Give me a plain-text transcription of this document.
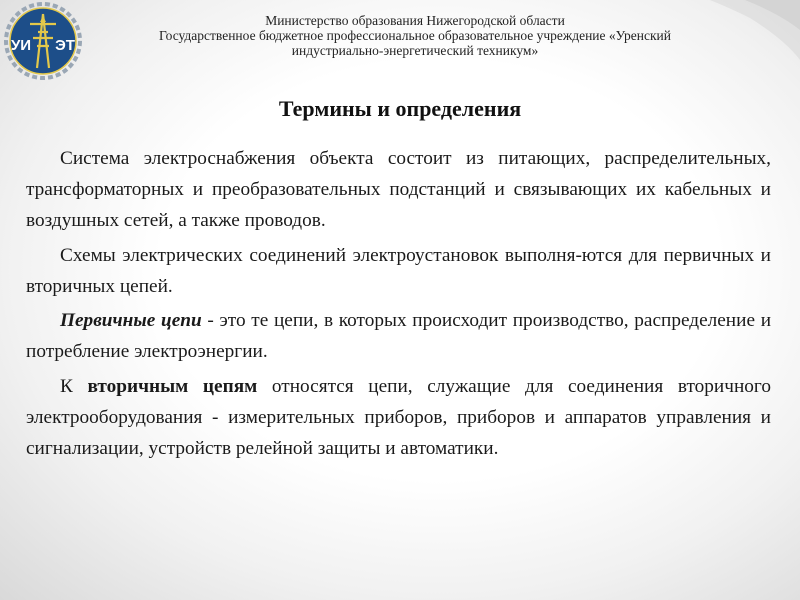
УИ ЭТ
Министерство образования Нижегородской области
Государственное бюджетное профессиональное образовательное учреждение «Уренский
индустриально-энергетический техникум»
Термины и определения

Система электроснабжения объекта состоит из питающих, распределительных, трансформаторных и преобразовательных подстанций и связывающих их кабельных и воздушных сетей, а также проводов.

Схемы электрических соединений электроустановок выполня-ются для первичных и вторичных цепей.

Первичные цепи - это те цепи, в которых происходит производство, распределение и потребление электроэнергии.

К вторичным цепям относятся цепи, служащие для соединения вторичного электрооборудования - измерительных приборов, приборов и аппаратов управления и сигнализации, устройств релейной защиты и автоматики.
